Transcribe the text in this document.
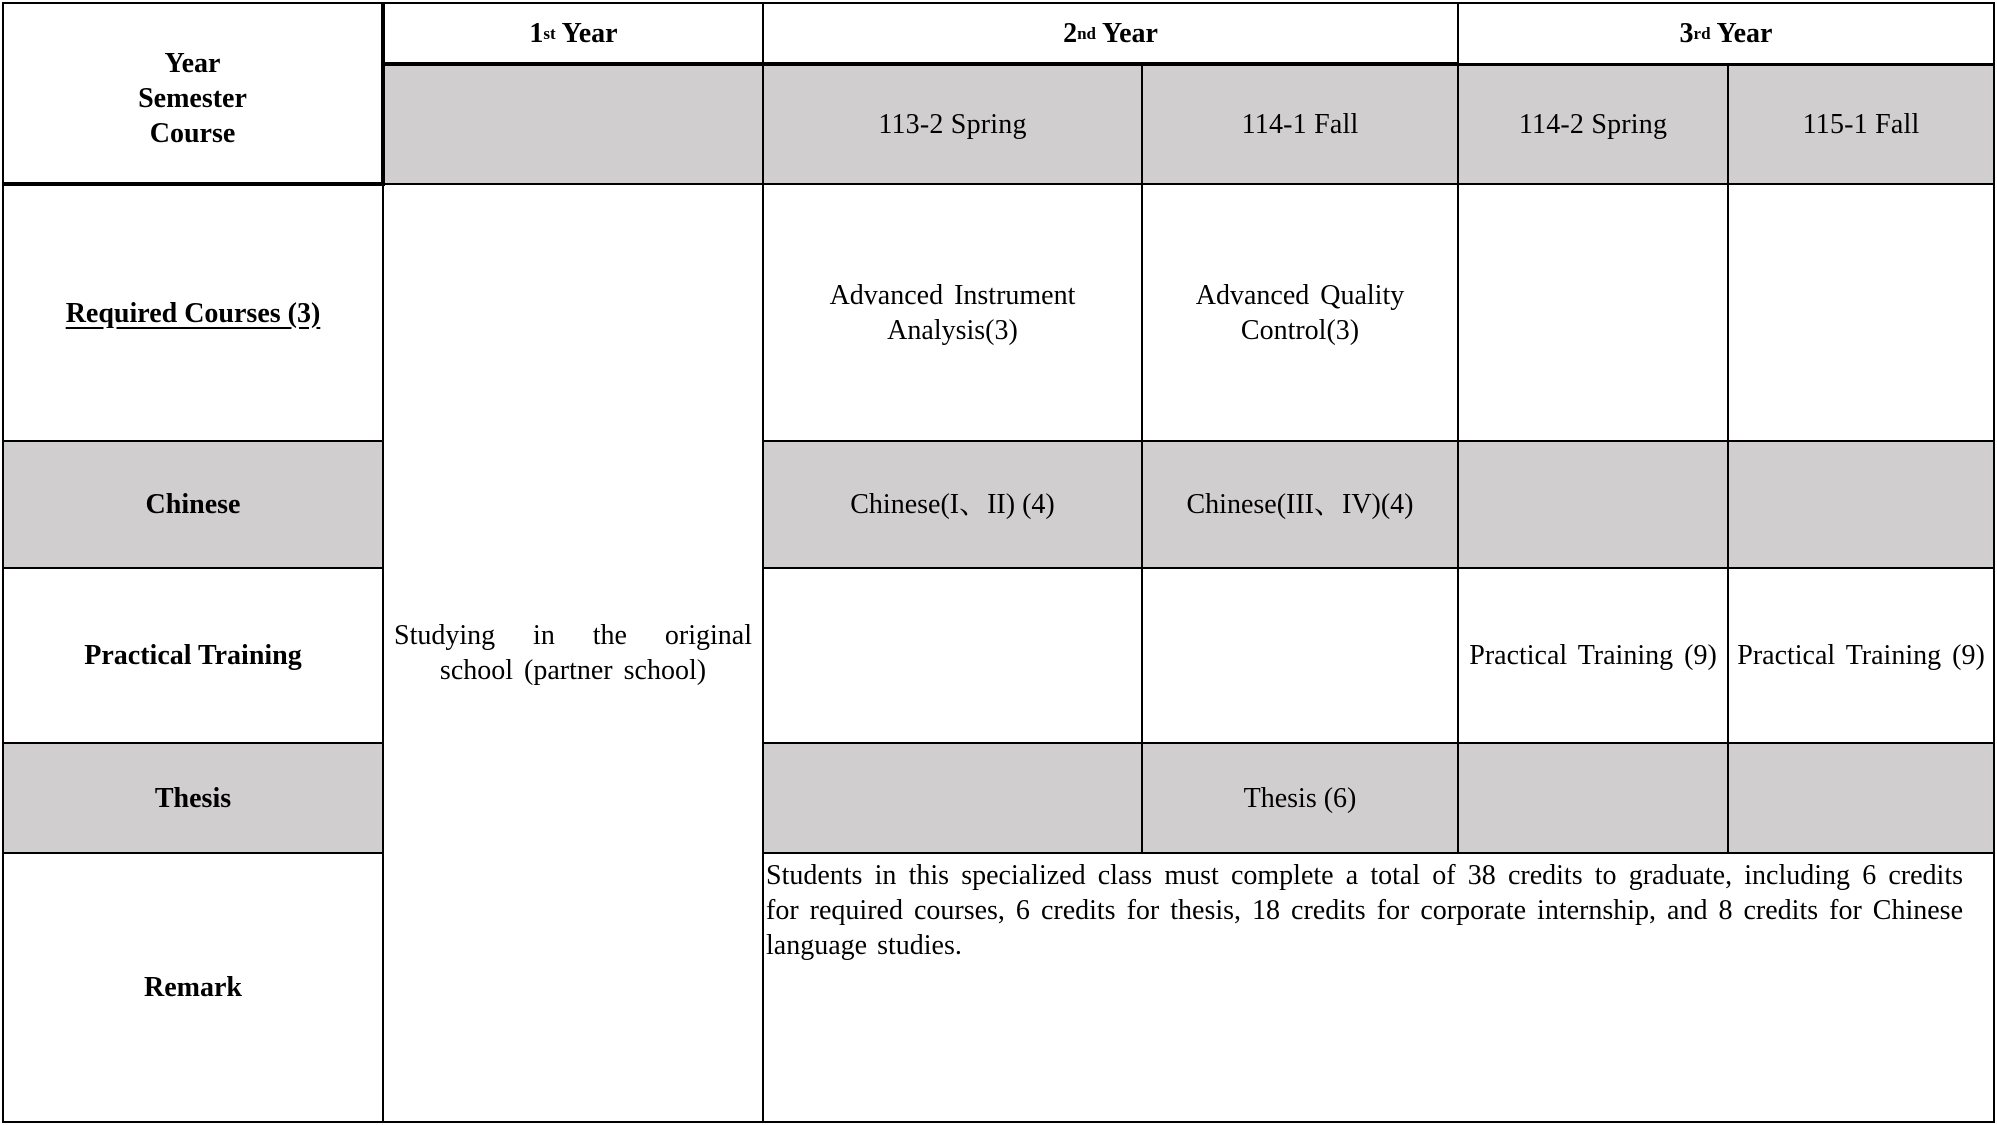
Year
Semester
Course	1st Year	2nd Year		3rd Year	
		113-2 Spring	114-1 Fall	114-2 Spring	115-1 Fall
Required Courses (3)	Studying in the original school (partner school)	Advanced Instrument Analysis(3)	Advanced Quality Control(3)		
Chinese		Chinese(I、II) (4)	Chinese(III、IV)(4)		
Practical Training				Practical Training (9)	Practical Training (9)
Thesis			Thesis (6)		
Remark		Students in this specialized class must complete a total of 38 credits to graduate, including 6 credits for required courses, 6 credits for thesis, 18 credits for corporate internship, and 8 credits for Chinese language studies.			
